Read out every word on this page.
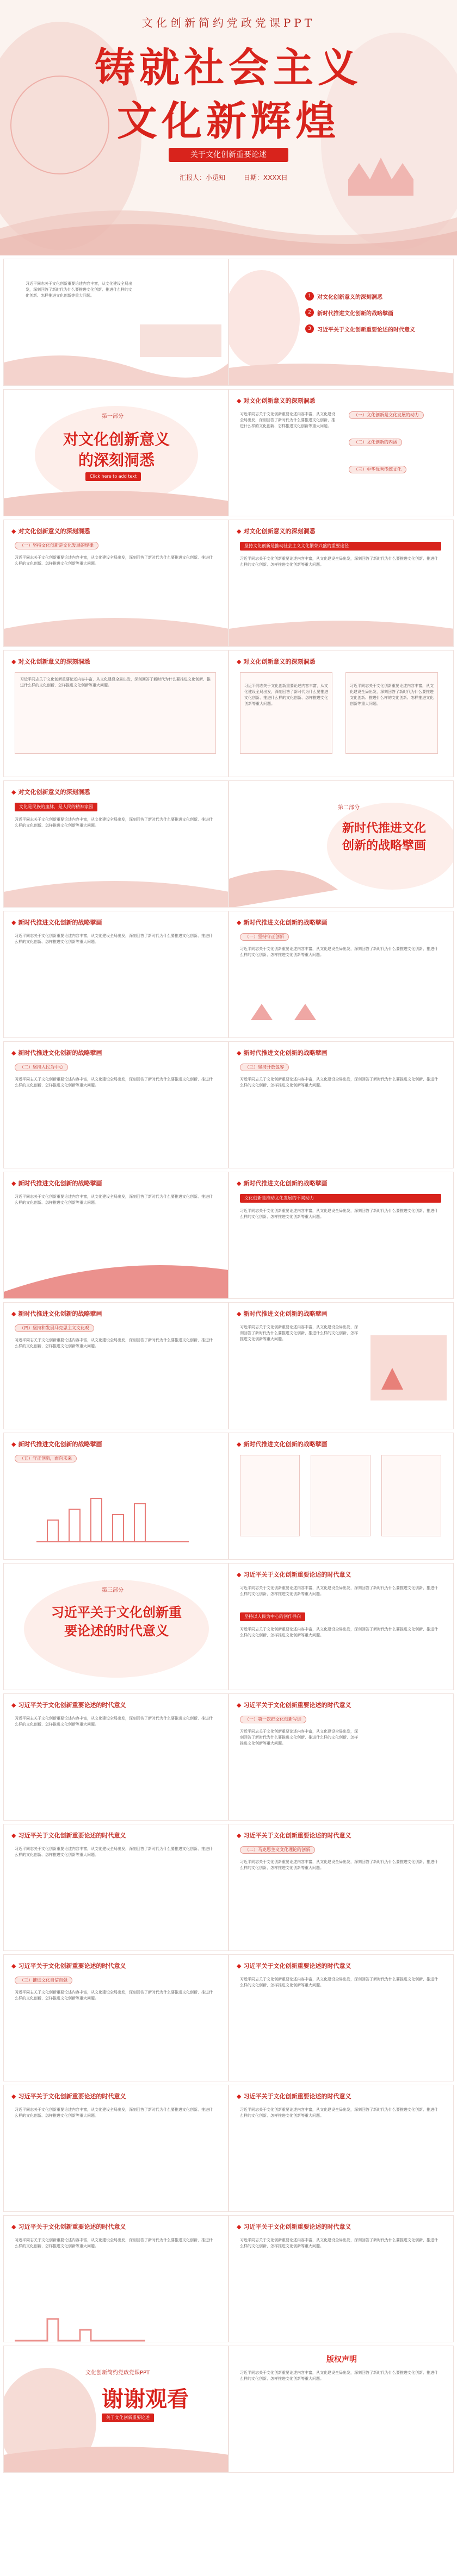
文化创新简约党政党课PPT
铸就社会主义
文化新辉煌
关于文化创新重要论述
汇报人：小觅知	日期：XXXX日
习近平同志关于文化创新重要论述内容丰富，从文化建设全局出发，深刻回答了新时代为什么要推进文化创新、推进什么样的文化创新、怎样推进文化创新等重大问题。	1	对文化创新意义的深刻洞悉
2	新时代推进文化创新的战略擘画
3	习近平关于文化创新重要论述的时代意义
第一部分
对文化创新意义
的深刻洞悉
Click here to add text
◆ 对文化创新意义的深刻洞悉
习近平同志关于文化创新重要论述内容丰富，从文化建设全局出发，深刻回答了新时代为什么要推进文化创新、推进什么样的文化创新、怎样推进文化创新等重大问题。
（一）文化创新是文化发展的动力
（二）文化创新的内涵
（三）中华优秀传统文化
◆ 对文化创新意义的深刻洞悉
（一）坚持文化创新是文化发展的规律
习近平同志关于文化创新重要论述内容丰富，从文化建设全局出发，深刻回答了新时代为什么要推进文化创新、推进什么样的文化创新、怎样推进文化创新等重大问题。
◆ 对文化创新意义的深刻洞悉
坚持文化创新是推动社会主义文化繁荣兴盛的重要途径
习近平同志关于文化创新重要论述内容丰富，从文化建设全局出发，深刻回答了新时代为什么要推进文化创新、推进什么样的文化创新、怎样推进文化创新等重大问题。
◆ 对文化创新意义的深刻洞悉
习近平同志关于文化创新重要论述内容丰富，从文化建设全局出发，深刻回答了新时代为什么要推进文化创新、推进什么样的文化创新、怎样推进文化创新等重大问题。
◆ 对文化创新意义的深刻洞悉
习近平同志关于文化创新重要论述内容丰富，从文化建设全局出发，深刻回答了新时代为什么要推进文化创新、推进什么样的文化创新、怎样推进文化创新等重大问题。
习近平同志关于文化创新重要论述内容丰富，从文化建设全局出发，深刻回答了新时代为什么要推进文化创新、推进什么样的文化创新、怎样推进文化创新等重大问题。
◆ 对文化创新意义的深刻洞悉
文化是民族的血脉，是人民的精神家园
习近平同志关于文化创新重要论述内容丰富，从文化建设全局出发，深刻回答了新时代为什么要推进文化创新、推进什么样的文化创新、怎样推进文化创新等重大问题。
第二部分
新时代推进文化
创新的战略擘画
◆ 新时代推进文化创新的战略擘画
习近平同志关于文化创新重要论述内容丰富，从文化建设全局出发，深刻回答了新时代为什么要推进文化创新、推进什么样的文化创新、怎样推进文化创新等重大问题。
◆ 新时代推进文化创新的战略擘画
（一）坚持守正创新
习近平同志关于文化创新重要论述内容丰富，从文化建设全局出发，深刻回答了新时代为什么要推进文化创新、推进什么样的文化创新、怎样推进文化创新等重大问题。
◆ 新时代推进文化创新的战略擘画
（二）坚持人民为中心
习近平同志关于文化创新重要论述内容丰富，从文化建设全局出发，深刻回答了新时代为什么要推进文化创新、推进什么样的文化创新、怎样推进文化创新等重大问题。
◆ 新时代推进文化创新的战略擘画
（三）坚持开放包容
习近平同志关于文化创新重要论述内容丰富，从文化建设全局出发，深刻回答了新时代为什么要推进文化创新、推进什么样的文化创新、怎样推进文化创新等重大问题。
◆ 新时代推进文化创新的战略擘画
习近平同志关于文化创新重要论述内容丰富，从文化建设全局出发，深刻回答了新时代为什么要推进文化创新、推进什么样的文化创新、怎样推进文化创新等重大问题。
◆ 新时代推进文化创新的战略擘画
文化创新是推动文化发展的不竭动力
习近平同志关于文化创新重要论述内容丰富，从文化建设全局出发，深刻回答了新时代为什么要推进文化创新、推进什么样的文化创新、怎样推进文化创新等重大问题。
◆ 新时代推进文化创新的战略擘画
（四）坚持和发展马克思主义文化观
习近平同志关于文化创新重要论述内容丰富，从文化建设全局出发，深刻回答了新时代为什么要推进文化创新、推进什么样的文化创新、怎样推进文化创新等重大问题。
◆ 新时代推进文化创新的战略擘画
习近平同志关于文化创新重要论述内容丰富，从文化建设全局出发，深刻回答了新时代为什么要推进文化创新、推进什么样的文化创新、怎样推进文化创新等重大问题。
◆ 新时代推进文化创新的战略擘画
（五）守正创新，面向未来
◆ 新时代推进文化创新的战略擘画
第三部分
习近平关于文化创新重
要论述的时代意义
◆ 习近平关于文化创新重要论述的时代意义
习近平同志关于文化创新重要论述内容丰富，从文化建设全局出发，深刻回答了新时代为什么要推进文化创新、推进什么样的文化创新、怎样推进文化创新等重大问题。
坚持以人民为中心的创作导向
习近平同志关于文化创新重要论述内容丰富，从文化建设全局出发，深刻回答了新时代为什么要推进文化创新、推进什么样的文化创新、怎样推进文化创新等重大问题。
◆ 习近平关于文化创新重要论述的时代意义
习近平同志关于文化创新重要论述内容丰富，从文化建设全局出发，深刻回答了新时代为什么要推进文化创新、推进什么样的文化创新、怎样推进文化创新等重大问题。
◆ 习近平关于文化创新重要论述的时代意义
（一）第一次把文化创新写进
习近平同志关于文化创新重要论述内容丰富，从文化建设全局出发，深刻回答了新时代为什么要推进文化创新、推进什么样的文化创新、怎样推进文化创新等重大问题。
◆ 习近平关于文化创新重要论述的时代意义
习近平同志关于文化创新重要论述内容丰富，从文化建设全局出发，深刻回答了新时代为什么要推进文化创新、推进什么样的文化创新、怎样推进文化创新等重大问题。
◆ 习近平关于文化创新重要论述的时代意义
（二）马克思主义文化理论的创新
习近平同志关于文化创新重要论述内容丰富，从文化建设全局出发，深刻回答了新时代为什么要推进文化创新、推进什么样的文化创新、怎样推进文化创新等重大问题。
◆ 习近平关于文化创新重要论述的时代意义
（三）推进文化自信自强
习近平同志关于文化创新重要论述内容丰富，从文化建设全局出发，深刻回答了新时代为什么要推进文化创新、推进什么样的文化创新、怎样推进文化创新等重大问题。
◆ 习近平关于文化创新重要论述的时代意义
习近平同志关于文化创新重要论述内容丰富，从文化建设全局出发，深刻回答了新时代为什么要推进文化创新、推进什么样的文化创新、怎样推进文化创新等重大问题。
◆ 习近平关于文化创新重要论述的时代意义
习近平同志关于文化创新重要论述内容丰富，从文化建设全局出发，深刻回答了新时代为什么要推进文化创新、推进什么样的文化创新、怎样推进文化创新等重大问题。
◆ 习近平关于文化创新重要论述的时代意义
习近平同志关于文化创新重要论述内容丰富，从文化建设全局出发，深刻回答了新时代为什么要推进文化创新、推进什么样的文化创新、怎样推进文化创新等重大问题。
◆ 习近平关于文化创新重要论述的时代意义
习近平同志关于文化创新重要论述内容丰富，从文化建设全局出发，深刻回答了新时代为什么要推进文化创新、推进什么样的文化创新、怎样推进文化创新等重大问题。
◆ 习近平关于文化创新重要论述的时代意义
习近平同志关于文化创新重要论述内容丰富，从文化建设全局出发，深刻回答了新时代为什么要推进文化创新、推进什么样的文化创新、怎样推进文化创新等重大问题。
文化创新简约党政党课PPT
谢谢观看
关于文化创新重要论述
版权声明
习近平同志关于文化创新重要论述内容丰富，从文化建设全局出发，深刻回答了新时代为什么要推进文化创新、推进什么样的文化创新、怎样推进文化创新等重大问题。
